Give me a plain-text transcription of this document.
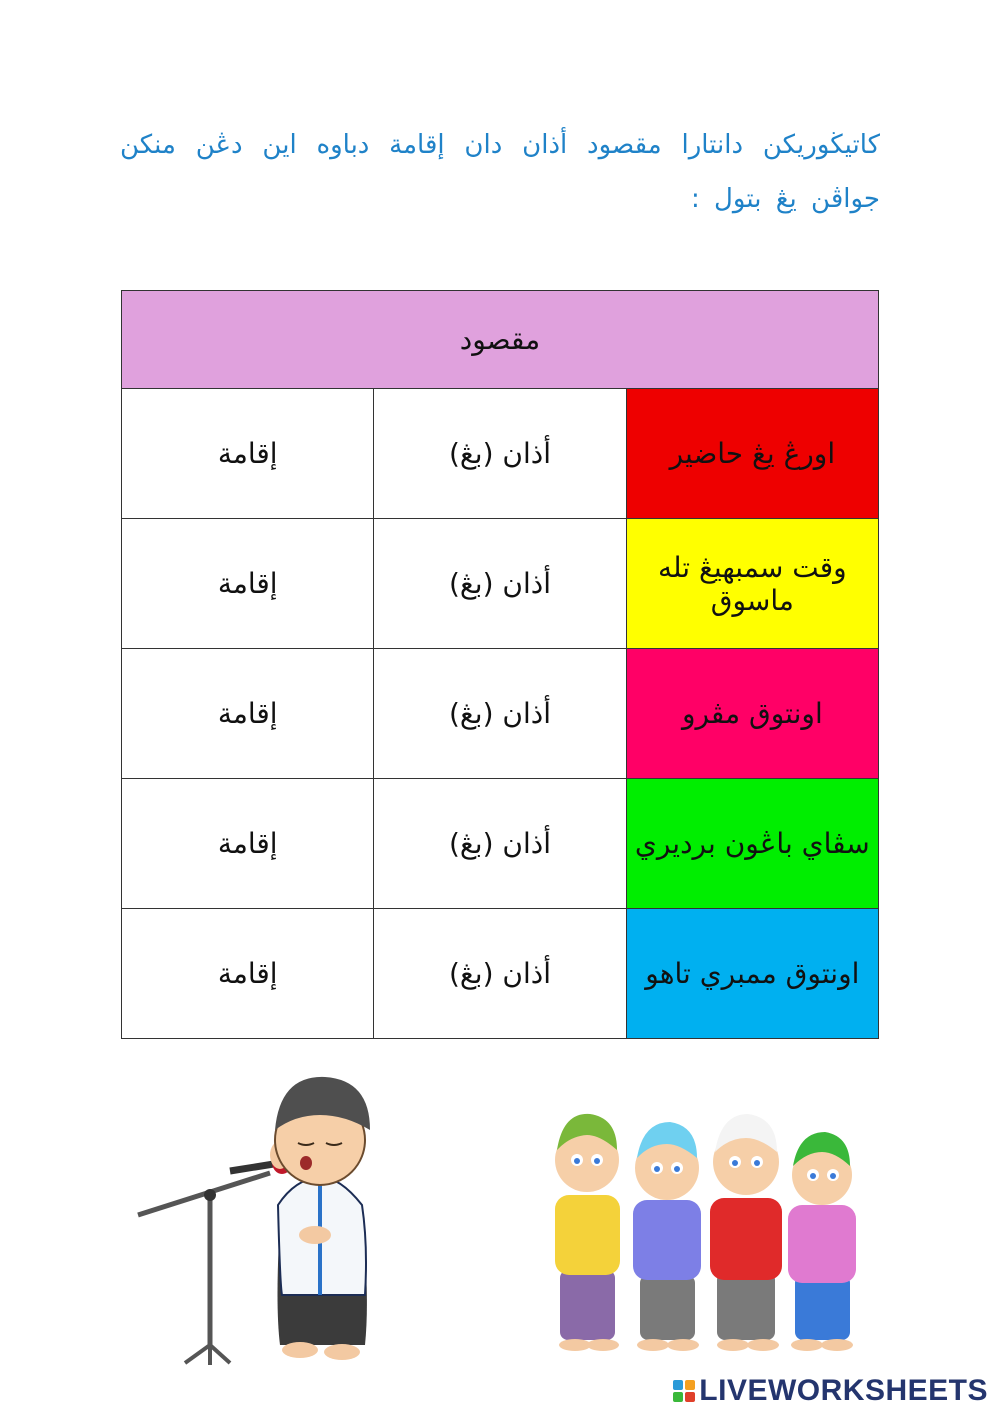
كاتيڬوريكن دانتارا مقصود أذان دان إقامة دباوه اين دڠن منكن جواڤن يڠ بتول :
مقصود		
اورڠ يڠ حاضير	أذان (بڠ)	إقامة
وقت سمبهيڠ تله ماسوق	أذان (بڠ)	إقامة
اونتوق مڤرو	أذان (بڠ)	إقامة
سڤاي باڠون برديري	أذان (بڠ)	إقامة
اونتوق ممبري تاهو	أذان (بڠ)	إقامة
LIVEWORKSHEETS
